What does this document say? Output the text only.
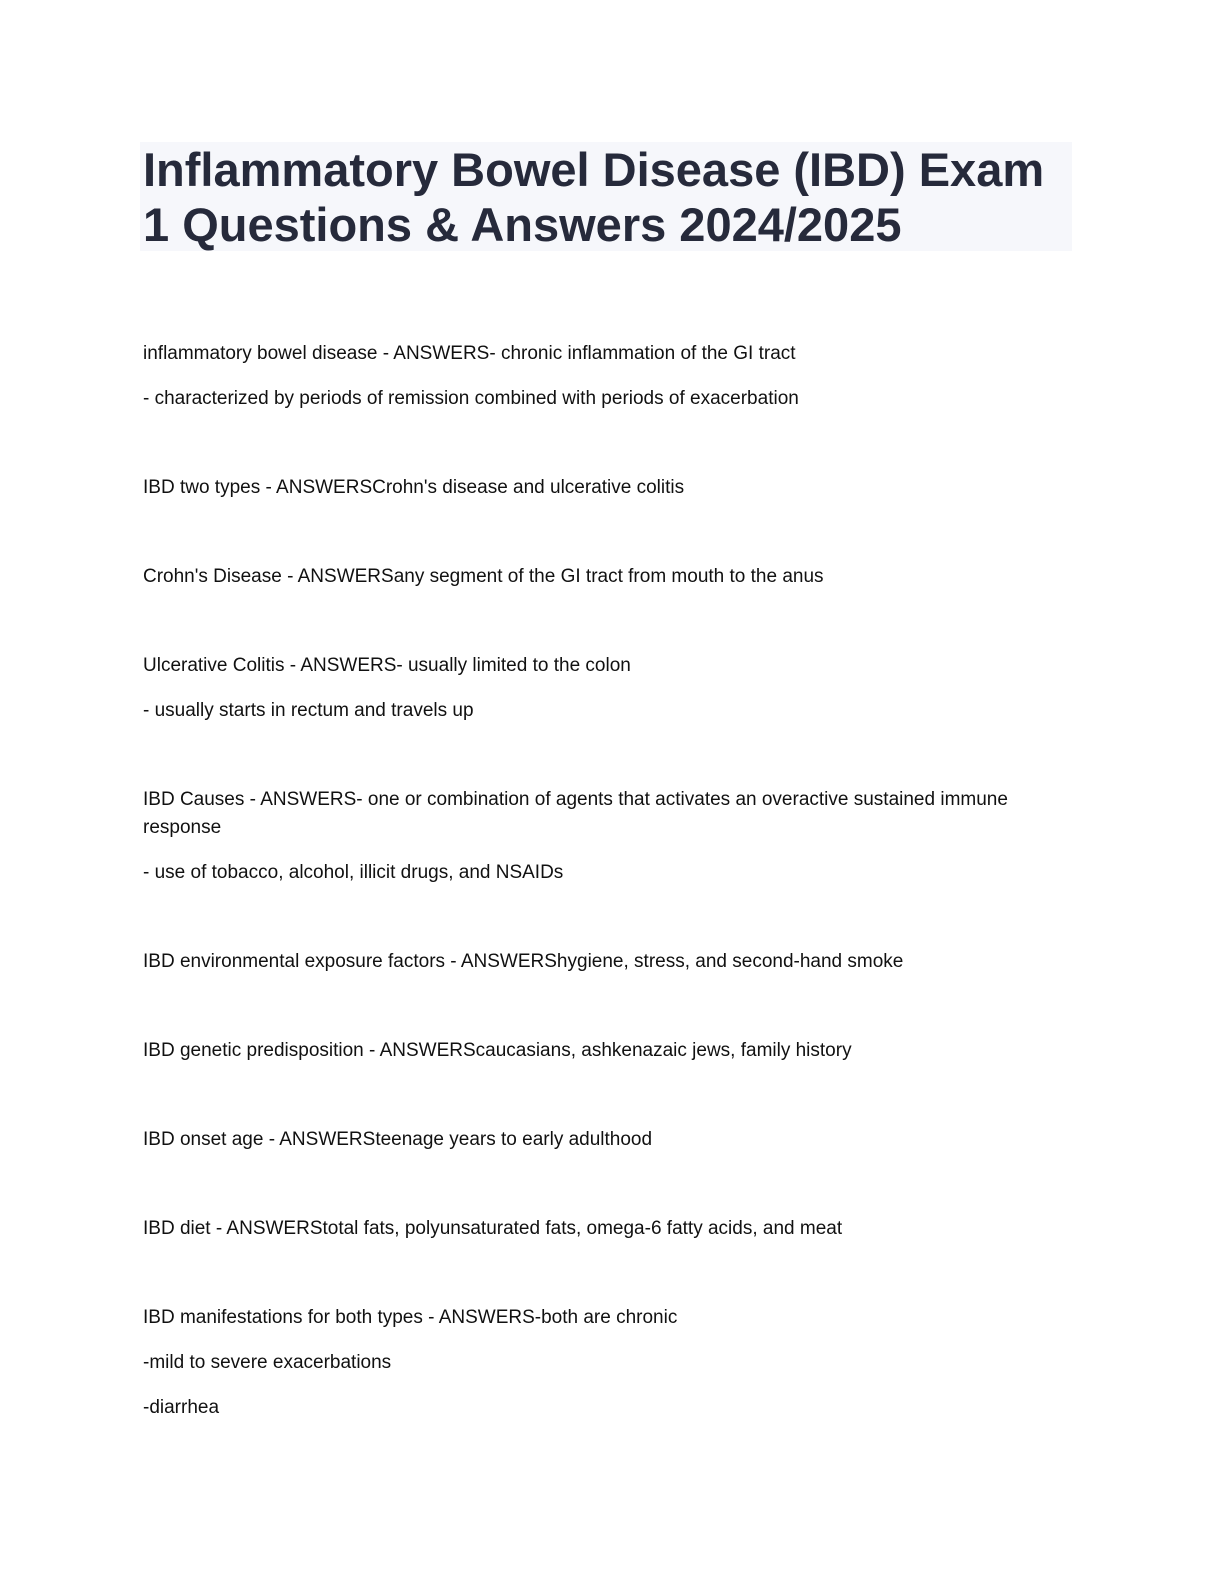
Inflammatory Bowel Disease (IBD) Exam
1 Questions & Answers 2024/2025

inflammatory bowel disease - ANSWERS- chronic inflammation of the GI tract

- characterized by periods of remission combined with periods of exacerbation

IBD two types - ANSWERSCrohn's disease and ulcerative colitis

Crohn's Disease - ANSWERSany segment of the GI tract from mouth to the anus

Ulcerative Colitis - ANSWERS- usually limited to the colon

- usually starts in rectum and travels up

IBD Causes - ANSWERS- one or combination of agents that activates an overactive sustained immune

response

- use of tobacco, alcohol, illicit drugs, and NSAIDs

IBD environmental exposure factors - ANSWERShygiene, stress, and second-hand smoke

IBD genetic predisposition - ANSWERScaucasians, ashkenazaic jews, family history

IBD onset age - ANSWERSteenage years to early adulthood

IBD diet - ANSWERStotal fats, polyunsaturated fats, omega-6 fatty acids, and meat

IBD manifestations for both types - ANSWERS-both are chronic

-mild to severe exacerbations

-diarrhea
